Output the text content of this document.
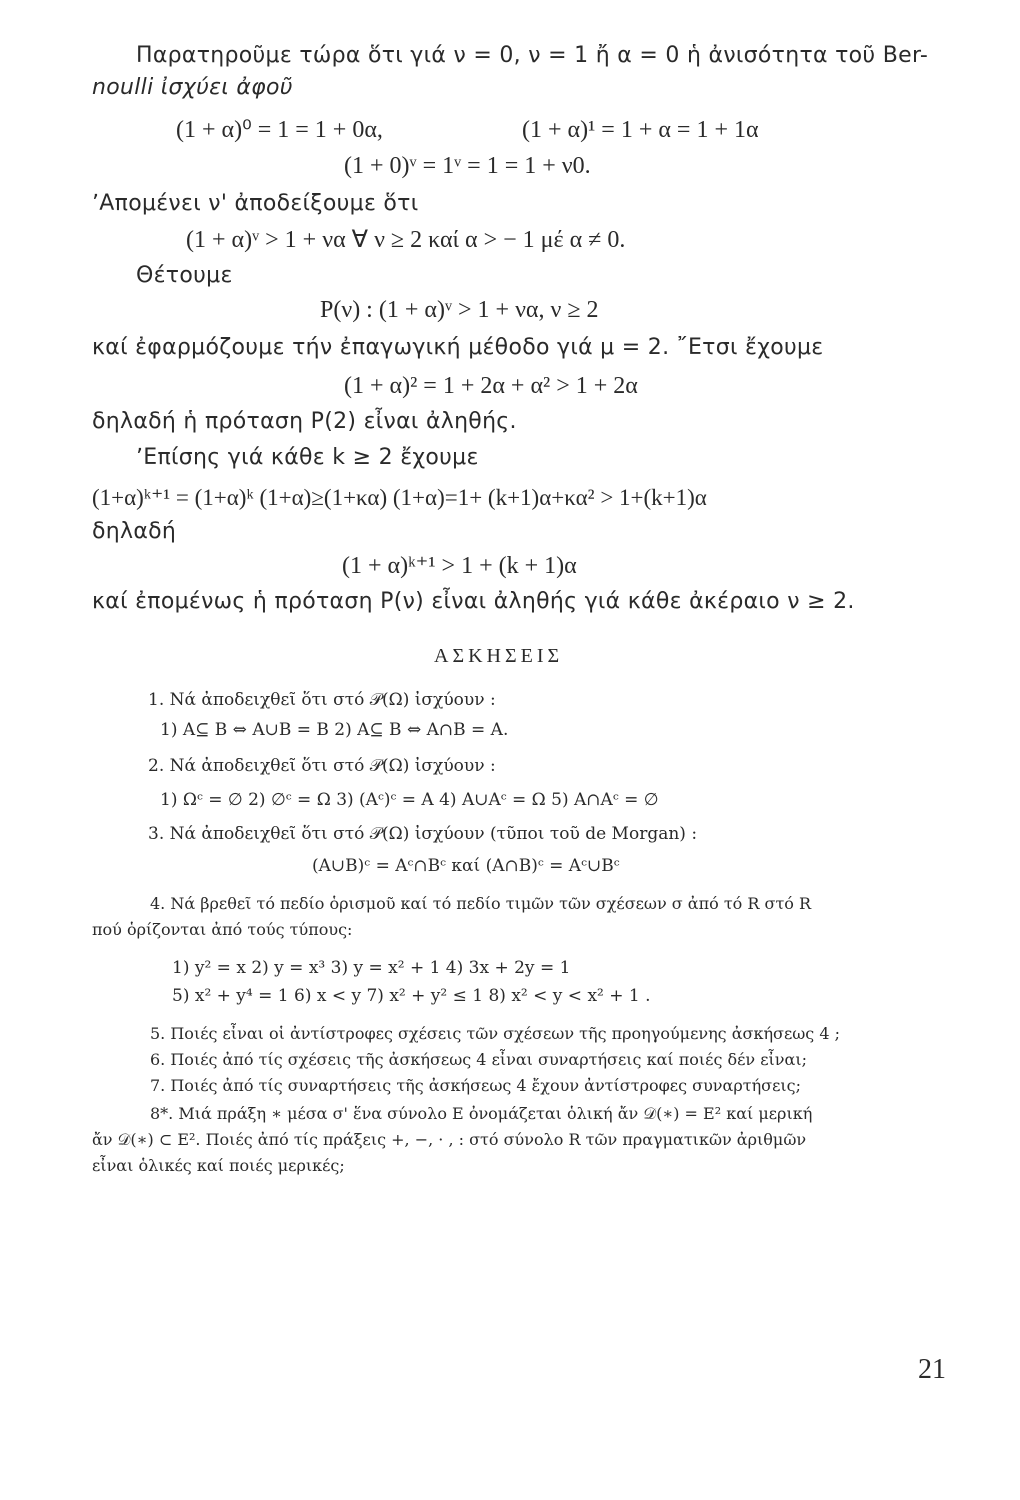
Παρατηροῦμε τώρα ὅτι γιά ν = 0, ν = 1 ἤ α = 0 ἡ ἀνισότητα τοῦ Ber-
noulli ἰσχύει ἀφοῦ
(1 + α)⁰ = 1 = 1 + 0α,	(1 + α)¹ = 1 + α = 1 + 1α
(1 + 0)ᵛ = 1ᵛ = 1 = 1 + ν0.
ʼΑπομένει ν' ἀποδείξουμε ὅτι
(1 + α)ᵛ > 1 + να ∀ ν ≥ 2 καί α > − 1 μέ α ≠ 0.
Θέτουμε
P(ν) : (1 + α)ᵛ > 1 + να, ν ≥ 2
καί ἐφαρμόζουμε τήν ἐπαγωγική μέθοδο γιά μ = 2. ῎Ετσι ἔχουμε
(1 + α)² = 1 + 2α + α² > 1 + 2α
δηλαδή ἡ πρόταση P(2) εἶναι ἀληθής.
ʼΕπίσης γιά κάθε k ≥ 2 ἔχουμε
(1+α)ᵏ⁺¹ = (1+α)ᵏ (1+α)≥(1+κα) (1+α)=1+ (k+1)α+κα² > 1+(k+1)α
δηλαδή
(1 + α)ᵏ⁺¹ > 1 + (k + 1)α
καί ἐπομένως ἡ πρόταση P(ν) εἶναι ἀληθής γιά κάθε ἀκέραιο ν ≥ 2.
ΑΣΚΗΣΕΙΣ
1. Νά ἀποδειχθεῖ ὅτι στό 𝒫(Ω) ἰσχύουν :
1) A⊆ B ⇔ A∪B = B 2) A⊆ B ⇔ A∩B = A.
2. Νά ἀποδειχθεῖ ὅτι στό 𝒫(Ω) ἰσχύουν :
1) Ωᶜ = ∅ 2) ∅ᶜ = Ω 3) (Aᶜ)ᶜ = A 4) A∪Aᶜ = Ω 5) A∩Aᶜ = ∅
3. Νά ἀποδειχθεῖ ὅτι στό 𝒫(Ω) ἰσχύουν (τῦποι τοῦ de Morgan) :
(A∪B)ᶜ = Aᶜ∩Bᶜ καί (A∩B)ᶜ = Aᶜ∪Bᶜ
4. Νά βρεθεῖ τό πεδίο ὁρισμοῦ καί τό πεδίο τιμῶν τῶν σχέσεων σ ἀπό τό R στό R
πού ὁρίζονται ἀπό τούς τύπους:
1) y² = x 2) y = x³ 3) y = x² + 1 4) 3x + 2y = 1
5) x² + y⁴ = 1 6) x < y 7) x² + y² ≤ 1 8) x² < y < x² + 1 .
5. Ποιές εἶναι οἱ ἀντίστροφες σχέσεις τῶν σχέσεων τῆς προηγούμενης ἀσκήσεως 4 ;
6. Ποιές ἀπό τίς σχέσεις τῆς ἀσκήσεως 4 εἶναι συναρτήσεις καί ποιές δέν εἶναι;
7. Ποιές ἀπό τίς συναρτήσεις τῆς ἀσκήσεως 4 ἔχουν ἀντίστροφες συναρτήσεις;
8*. Μιά πράξη ∗ μέσα σ' ἕνα σύνολο E ὀνομάζεται ὁλική ἄν 𝒟(∗) = E² καί μερική
ἄν 𝒟(∗) ⊂ E². Ποιές ἀπό τίς πράξεις +, −, · , : στό σύνολο R τῶν πραγματικῶν ἀριθμῶν
εἶναι ὁλικές καί ποιές μερικές;
21
